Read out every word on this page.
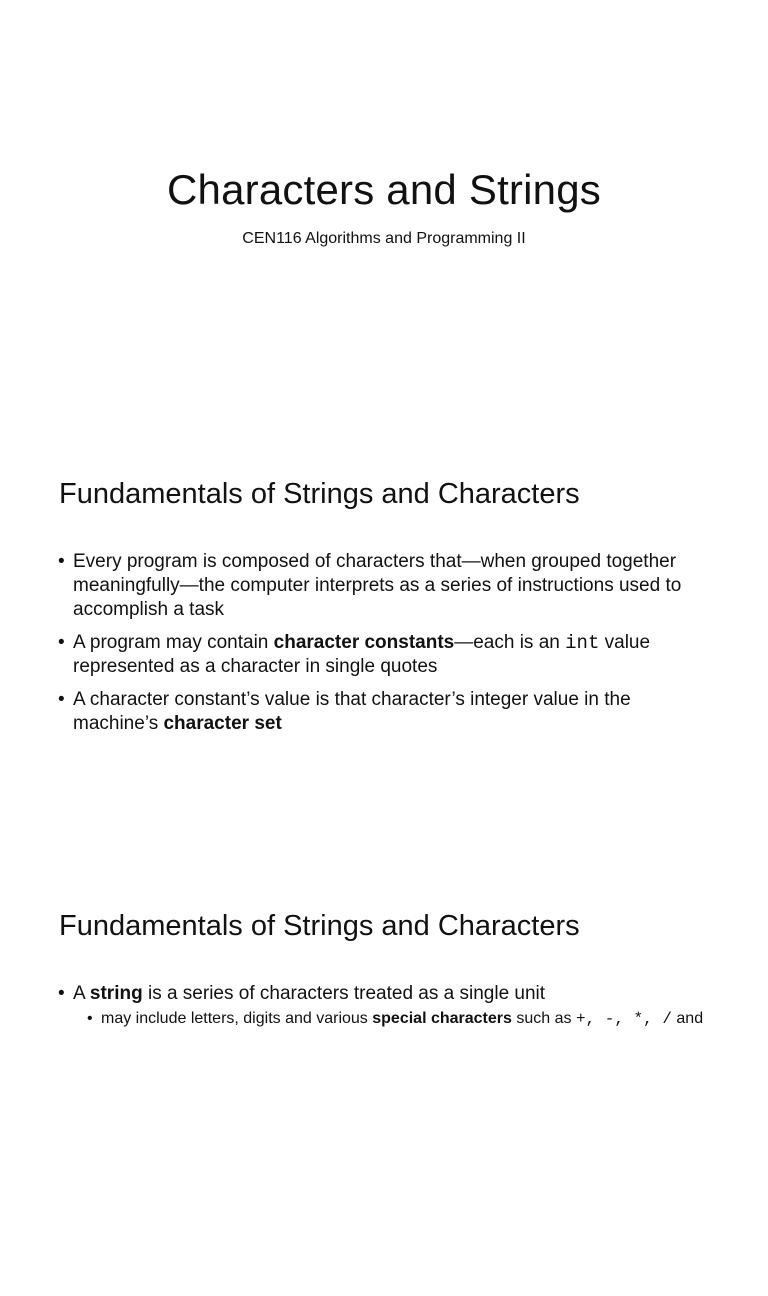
Characters and Strings

CEN116 Algorithms and Programming II

Fundamentals of Strings and Characters
• Every program is composed of characters that—when grouped together meaningfully—the computer interprets as a series of instructions used to accomplish a task
• A program may contain character constants—each is an int value represented as a character in single quotes
• A character constant’s value is that character’s integer value in the machine’s character set
Fundamentals of Strings and Characters
• A string is a series of characters treated as a single unit
• may include letters, digits and various special characters such as +, -, *, / and
